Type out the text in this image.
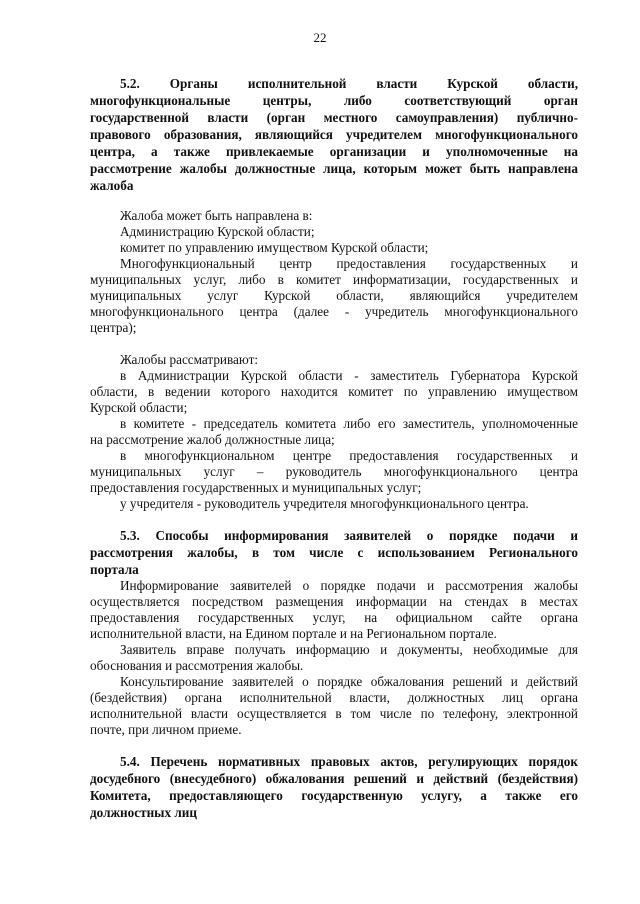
22
5.2. Органы исполнительной власти Курской области,
многофункциональные центры, либо соответствующий орган
государственной власти (орган местного самоуправления) публично-
правового образования, являющийся учредителем многофункционального
центра, а также привлекаемые организации и уполномоченные на
рассмотрение жалобы должностные лица, которым может быть направлена
жалоба
Жалоба может быть направлена в:
Администрацию Курской области;
комитет по управлению имуществом Курской области;
Многофункциональный центр предоставления государственных и
муниципальных услуг, либо в комитет информатизации, государственных и
муниципальных услуг Курской области, являющийся учредителем
многофункционального центра (далее - учредитель многофункционального
центра);
Жалобы рассматривают:
в Администрации Курской области - заместитель Губернатора Курской
области, в ведении которого находится комитет по управлению имуществом
Курской области;
в комитете - председатель комитета либо его заместитель, уполномоченные
на рассмотрение жалоб должностные лица;
в многофункциональном центре предоставления государственных и
муниципальных услуг – руководитель многофункционального центра
предоставления государственных и муниципальных услуг;
у учредителя - руководитель учредителя многофункционального центра.
5.3. Способы информирования заявителей о порядке подачи и
рассмотрения жалобы, в том числе с использованием Регионального
портала
Информирование заявителей о порядке подачи и рассмотрения жалобы
осуществляется посредством размещения информации на стендах в местах
предоставления государственных услуг, на официальном сайте органа
исполнительной власти, на Едином портале и на Региональном портале.
Заявитель вправе получать информацию и документы, необходимые для
обоснования и рассмотрения жалобы.
Консультирование заявителей о порядке обжалования решений и действий
(бездействия) органа исполнительной власти, должностных лиц органа
исполнительной власти осуществляется в том числе по телефону, электронной
почте, при личном приеме.
5.4. Перечень нормативных правовых актов, регулирующих порядок
досудебного (внесудебного) обжалования решений и действий (бездействия)
Комитета, предоставляющего государственную услугу, а также его
должностных лиц
